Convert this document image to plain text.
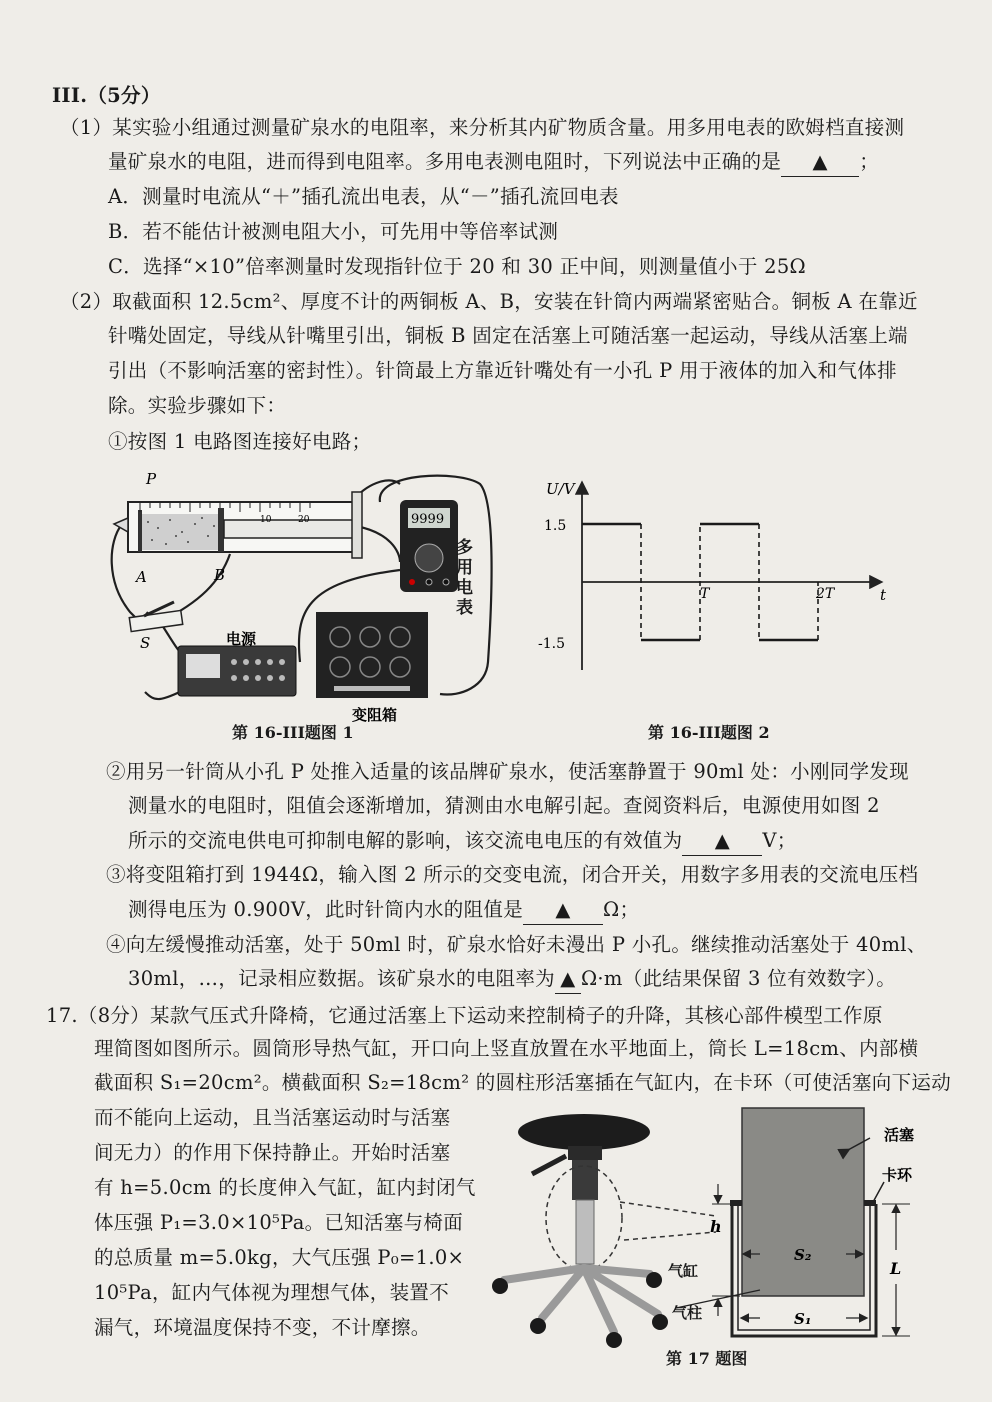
III.（5分）
（1）某实验小组通过测量矿泉水的电阻率，来分析其内矿物质含量。用多用电表的欧姆档直接测
量矿泉水的电阻，进而得到电阻率。多用电表测电阻时，下列说法中正确的是 ▲ ；
A．测量时电流从“＋”插孔流出电表，从“－”插孔流回电表
B．若不能估计被测电阻大小，可先用中等倍率试测
C．选择“×10”倍率测量时发现指针位于 20 和 30 正中间，则测量值小于 25Ω
（2）取截面积 12.5cm²、厚度不计的两铜板 A、B，安装在针筒内两端紧密贴合。铜板 A 在靠近
针嘴处固定，导线从针嘴里引出，铜板 B 固定在活塞上可随活塞一起运动，导线从活塞上端
引出（不影响活塞的密封性）。针筒最上方靠近针嘴处有一小孔 P 用于液体的加入和气体排
除。实验步骤如下：
①按图 1 电路图连接好电路；
10	20
P
A	B
S
9999
电源
变阻箱
多用电表
第 16-III题图 1
U/V
t
1.5
-1.5
T	2T
第 16-III题图 2
②用另一针筒从小孔 P 处推入适量的该品牌矿泉水，使活塞静置于 90ml 处：小刚同学发现
测量水的电阻时，阻值会逐渐增加，猜测由水电解引起。查阅资料后，电源使用如图 2
所示的交流电供电可抑制电解的影响，该交流电电压的有效值为 ▲ V；
③将变阻箱打到 1944Ω，输入图 2 所示的交变电流，闭合开关，用数字多用表的交流电压档
测得电压为 0.900V，此时针筒内水的阻值是 ▲ Ω；
④向左缓慢推动活塞，处于 50ml 时，矿泉水恰好未漫出 P 小孔。继续推动活塞处于 40ml、
30ml，…，记录相应数据。该矿泉水的电阻率为 ▲ Ω·m（此结果保留 3 位有效数字）。
17.（8分）某款气压式升降椅，它通过活塞上下运动来控制椅子的升降，其核心部件模型工作原
理简图如图所示。圆筒形导热气缸，开口向上竖直放置在水平地面上，筒长 L=18cm、内部横
截面积 S₁=20cm²。横截面积 S₂=18cm² 的圆柱形活塞插在气缸内，在卡环（可使活塞向下运动
而不能向上运动，且当活塞运动时与活塞
间无力）的作用下保持静止。开始时活塞
有 h=5.0cm 的长度伸入气缸，缸内封闭气
体压强 P₁=3.0×10⁵Pa。已知活塞与椅面
的总质量 m=5.0kg，大气压强 P₀=1.0×
10⁵Pa，缸内气体视为理想气体，装置不
漏气，环境温度保持不变，不计摩擦。
活塞
卡环
h
S₂
S₁
L
气缸
气柱
第 17 题图
